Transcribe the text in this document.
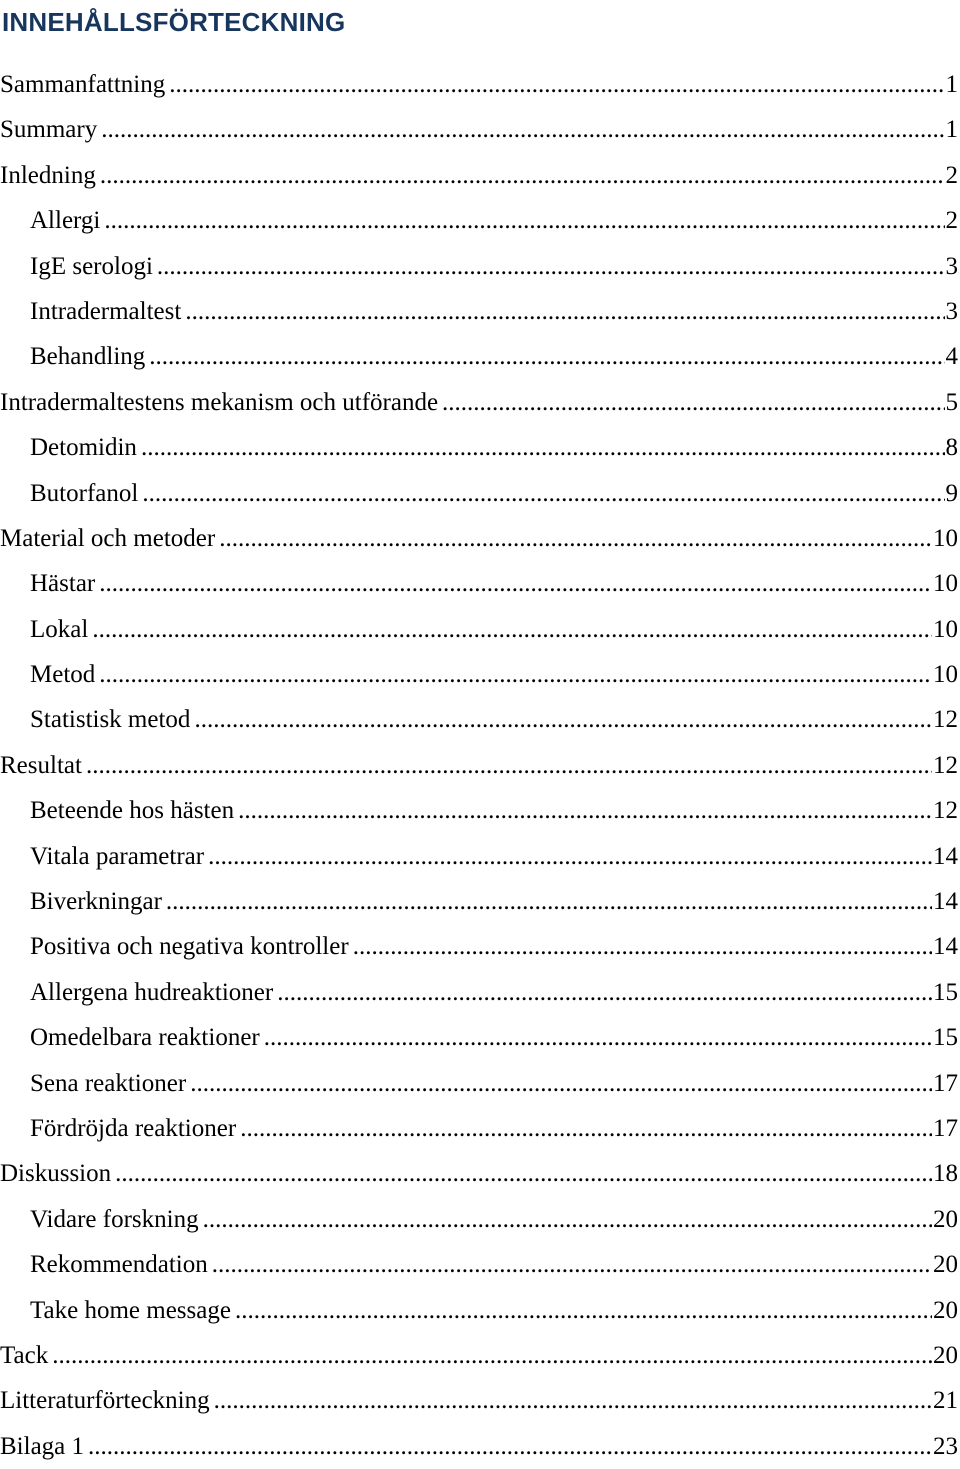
INNEHÅLLSFÖRTECKNING
Sammanfattning .....	1
Summary .....	1
Inledning .....	2
Allergi .....	2
IgE serologi .....	3
Intradermaltest .....	3
Behandling .....	4
Intradermaltestens mekanism och utförande .....	5
Detomidin .....	8
Butorfanol .....	9
Material och metoder .....	10
Hästar .....	10
Lokal .....	10
Metod .....	10
Statistisk metod .....	12
Resultat .....	12
Beteende hos hästen .....	12
Vitala parametrar .....	14
Biverkningar .....	14
Positiva och negativa kontroller .....	14
Allergena hudreaktioner .....	15
Omedelbara reaktioner .....	15
Sena reaktioner .....	17
Fördröjda reaktioner .....	17
Diskussion .....	18
Vidare forskning .....	20
Rekommendation .....	20
Take home message .....	20
Tack .....	20
Litteraturförteckning .....	21
Bilaga 1 .....	23
